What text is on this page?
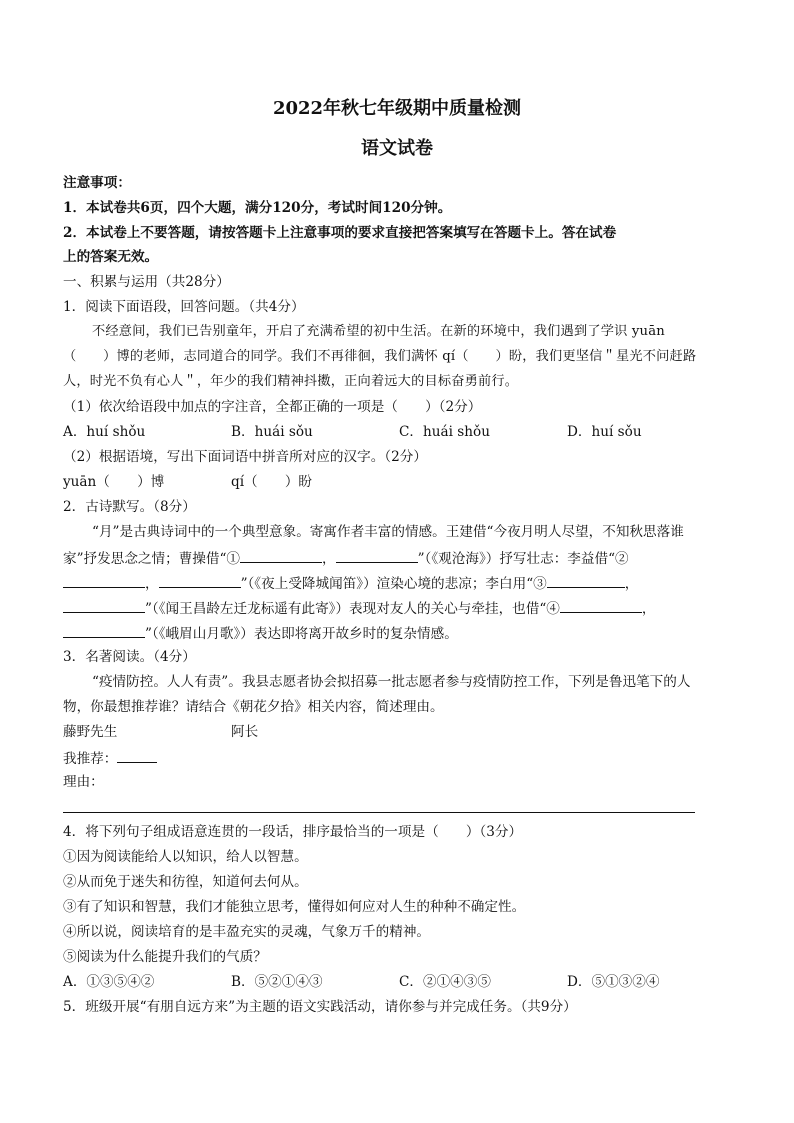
2022年秋七年级期中质量检测
语文试卷
注意事项：
1．本试卷共6页，四个大题，满分120分，考试时间120分钟。
2．本试卷上不要答题，请按答题卡上注意事项的要求直接把答案填写在答题卡上。答在试卷
上的答案无效。
一、积累与运用（共28分）
1．阅读下面语段，回答问题。（共4分）
不经意间，我们已告别童年，开启了充满希望的初中生活。在新的环境中，我们遇到了学识 yuān
（　　）博的老师，志同道合的同学。我们不再徘徊，我们满怀 qí（　　）盼，我们更坚信＂星光不问赶路
人，时光不负有心人＂，年少的我们精神抖擞，正向着远大的目标奋勇前行。
（1）依次给语段中加点的字注音，全都正确的一项是（　　）（2分）
A．huí shǒu	B．huái sǒu	C．huái shǒu	D．huí sǒu
（2）根据语境，写出下面词语中拼音所对应的汉字。（2分）
yuān（　　）博	qí（　　）盼
2．古诗默写。（8分）
“月”是古典诗词中的一个典型意象。寄寓作者丰富的情感。王建借“今夜月明人尽望，不知秋思落谁
家”抒发思念之情；曹操借“①	，	”（《观沧海》）抒写壮志：李益借“②
，	”（《夜上受降城闻笛》）渲染心境的悲凉；李白用“③	，
”（《闻王昌龄左迁龙标遥有此寄》）表现对友人的关心与牵挂，也借“④	，
”（《峨眉山月歌》）表达即将离开故乡时的复杂情感。
3．名著阅读。（4分）
“疫情防控。人人有责”。我县志愿者协会拟招募一批志愿者参与疫情防控工作，下列是鲁迅笔下的人
物，你最想推荐谁？请结合《朝花夕拾》相关内容，简述理由。
藤野先生	阿长
我推荐：
理由：
4．将下列句子组成语意连贯的一段话，排序最恰当的一项是（　　）（3分）
①因为阅读能给人以知识，给人以智慧。
②从而免于迷失和彷徨，知道何去何从。
③有了知识和智慧，我们才能独立思考，懂得如何应对人生的种种不确定性。
④所以说，阅读培育的是丰盈充实的灵魂，气象万千的精神。
⑤阅读为什么能提升我们的气质？
A．①③⑤④②	B．⑤②①④③	C．②①④③⑤	D．⑤①③②④
5．班级开展“有朋自远方来”为主题的语文实践活动，请你参与并完成任务。（共9分）
